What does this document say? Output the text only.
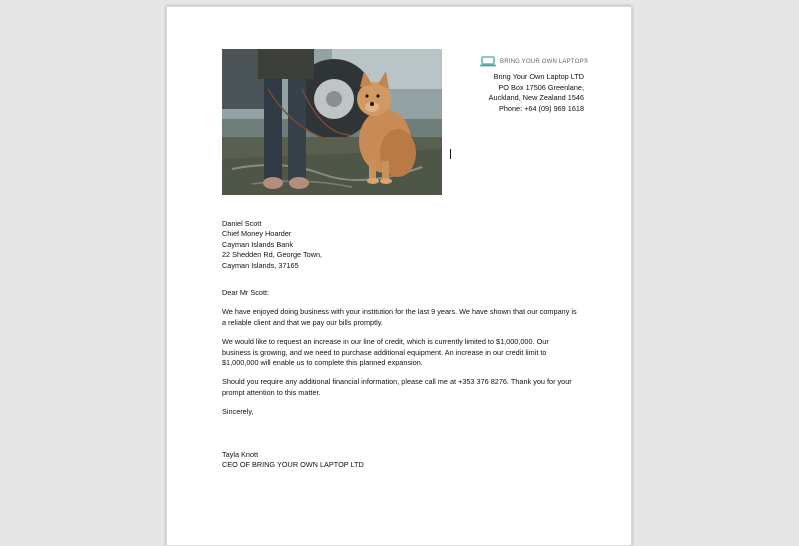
BRING YOUR OWN LAPTOP®
Bring Your Own Laptop LTD
PO Box 17506 Greenlane,
Auckland, New Zealand 1546
Phone: +64 (09) 969 1618
Daniel Scott
Chief Money Hoarder
Cayman Islands Bank
22 Shedden Rd, George Town,
Cayman Islands, 37165

Dear Mr Scott:

We have enjoyed doing business with your institution for the last 9 years. We have shown that our company is
a reliable client and that we pay our bills promptly.

We would like to request an increase in our line of credit, which is currently limited to $1,000,000. Our
business is growing, and we need to purchase additional equipment. An increase in our credit limit to
$1,000,000 will enable us to complete this planned expansion.

Should you require any additional financial information, please call me at +353 376 8276. Thank you for your
prompt attention to this matter.

Sincerely,

Tayla Knott
CEO OF BRING YOUR OWN LAPTOP LTD
